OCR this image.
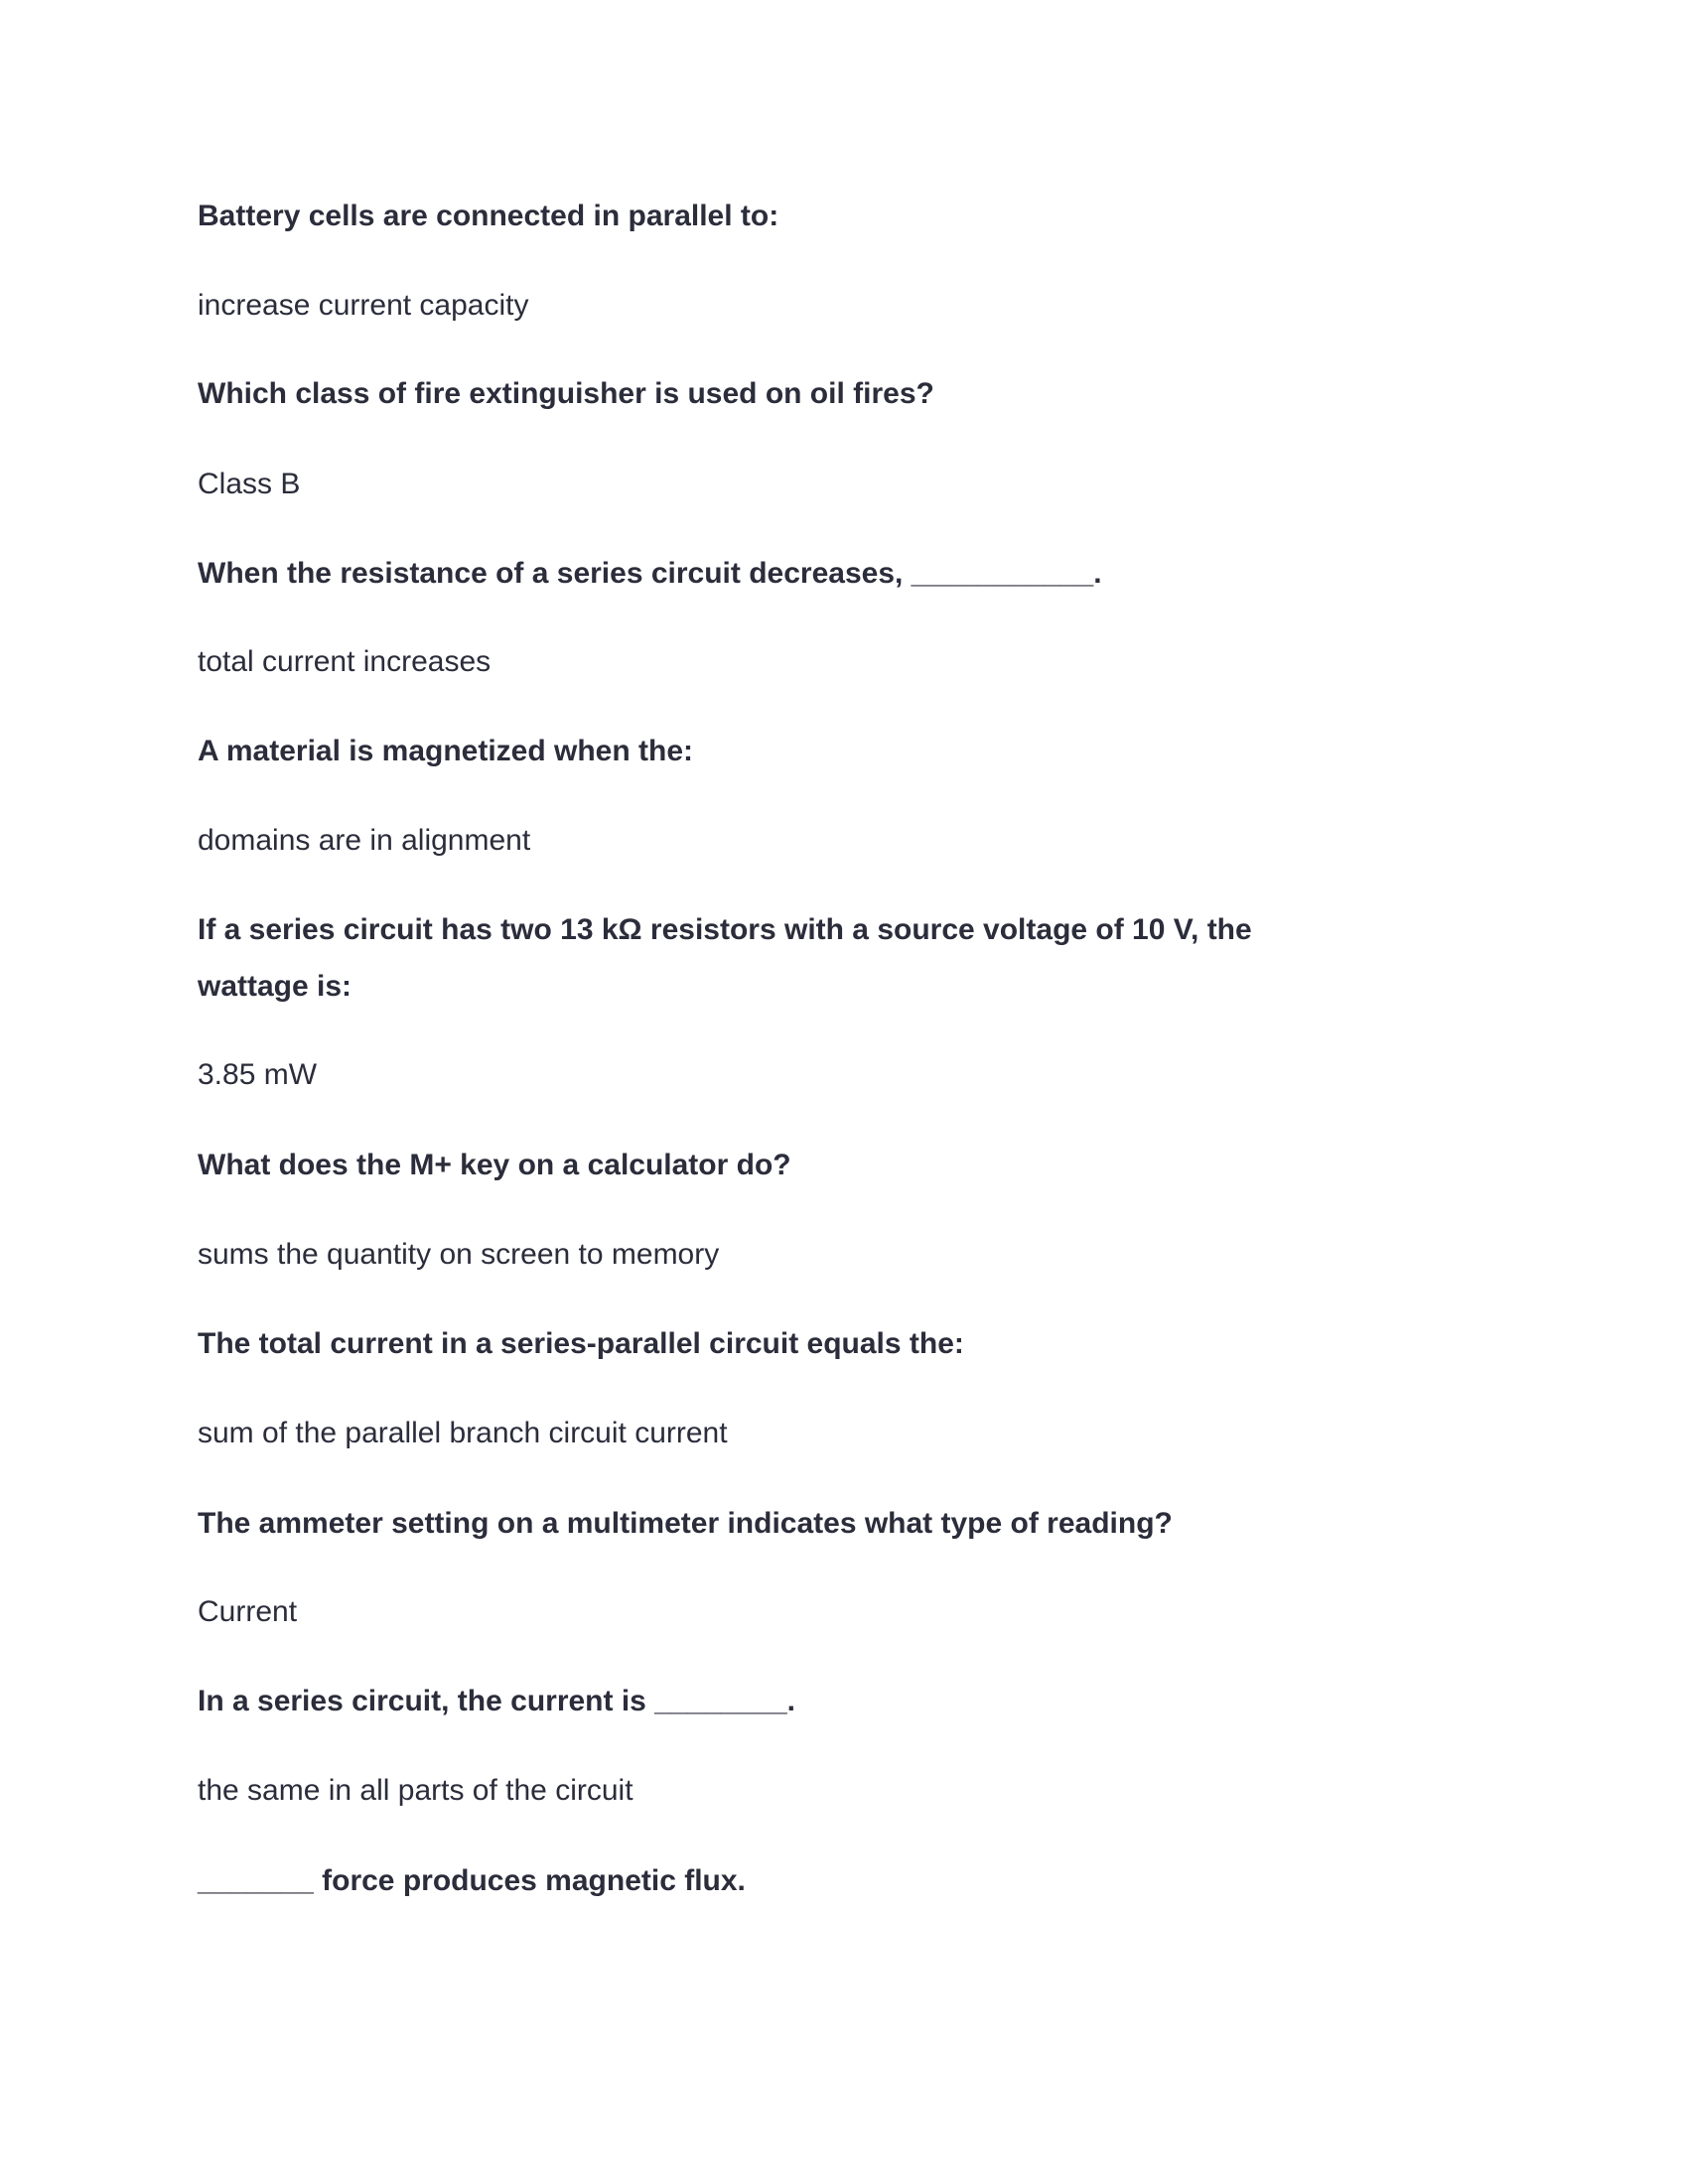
Battery cells are connected in parallel to:
increase current capacity
Which class of fire extinguisher is used on oil fires?
Class B
When the resistance of a series circuit decreases, ___________.
total current increases
A material is magnetized when the:
domains are in alignment
If a series circuit has two 13 kΩ resistors with a source voltage of 10 V, the
wattage is:
3.85 mW
What does the M+ key on a calculator do?
sums the quantity on screen to memory
The total current in a series-parallel circuit equals the:
sum of the parallel branch circuit current
The ammeter setting on a multimeter indicates what type of reading?
Current
In a series circuit, the current is ________.
the same in all parts of the circuit
_______ force produces magnetic flux.
